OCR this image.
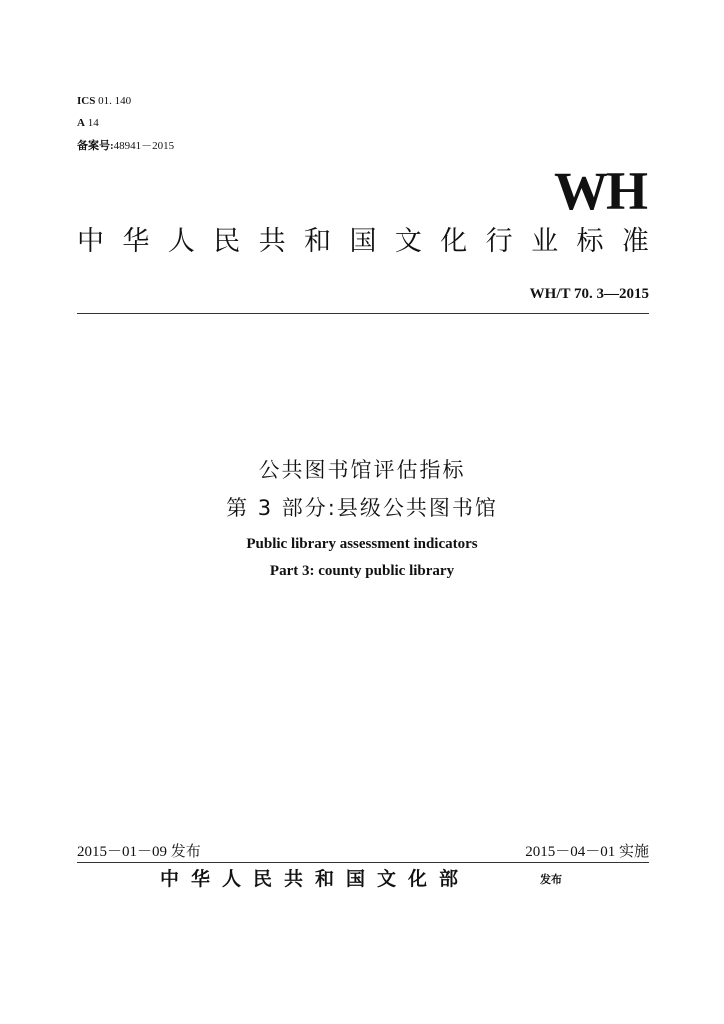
ICS 01. 140
A 14
备案号:48941－2015
WH
中 华 人 民 共 和 国 文 化 行 业 标 准
WH/T 70. 3—2015
公共图书馆评估指标
第 3 部分:县级公共图书馆
Public library assessment indicators
Part 3: county public library
2015－01－09 发布	2015－04－01 实施
中华人民共和国文化部	发布
